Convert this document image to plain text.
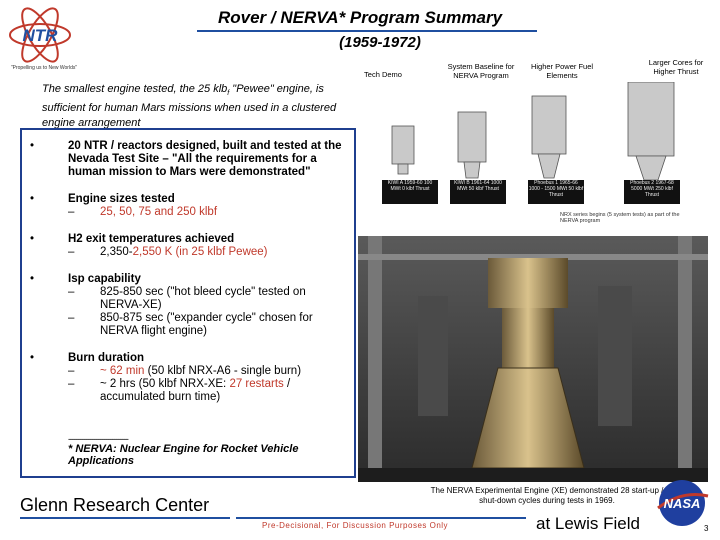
NTR
"Propelling us to New Worlds"
Rover / NERVA* Program Summary
(1959-1972)
The smallest engine tested, the 25 klb$_f$ "Pewee" engine, is sufficient for human Mars missions when used in a clustered engine arrangement
• 20 NTR / reactors designed, built and tested at the Nevada Test Site – "All the requirements for a human mission to Mars were demonstrated"
• Engine sizes tested
–	25, 50, 75 and 250 klbf
• H2 exit temperatures achieved
–	2,350-2,550 K (in 25 klbf Pewee)
• Isp capability
–	825-850 sec ("hot bleed cycle" tested on NERVA-XE)
–	850-875 sec ("expander cycle" chosen for NERVA flight engine)
• Burn duration
–	~ 62 min (50 klbf NRX-A6 - single burn)
–	~ 2 hrs (50 klbf NRX-XE: 27 restarts / accumulated burn time)
------------------------------
* NERVA: Nuclear Engine for Rocket Vehicle Applications
Tech Demo
System Baseline for NERVA Program
Higher Power Fuel Elements
Larger Cores for Higher Thrust
KIWI A 1959-60 100 MWt 0 klbf Thrust
KIWI B 1961-64 1000 MWt 50 klbf Thrust
Phoebus 1 1965-66 1000 - 1500 MWt 50 klbf Thrust
Phoebus 2 1967-68 5000 MWt 250 klbf Thrust
NRX series begins (5 system tests) as part of the NERVA program
The NERVA Experimental Engine (XE) demonstrated 28 start-up / shut-down cycles during tests in 1969.
Glenn Research Center
Pre-Decisional, For Discussion Purposes Only	at Lewis Field
NASA
3
